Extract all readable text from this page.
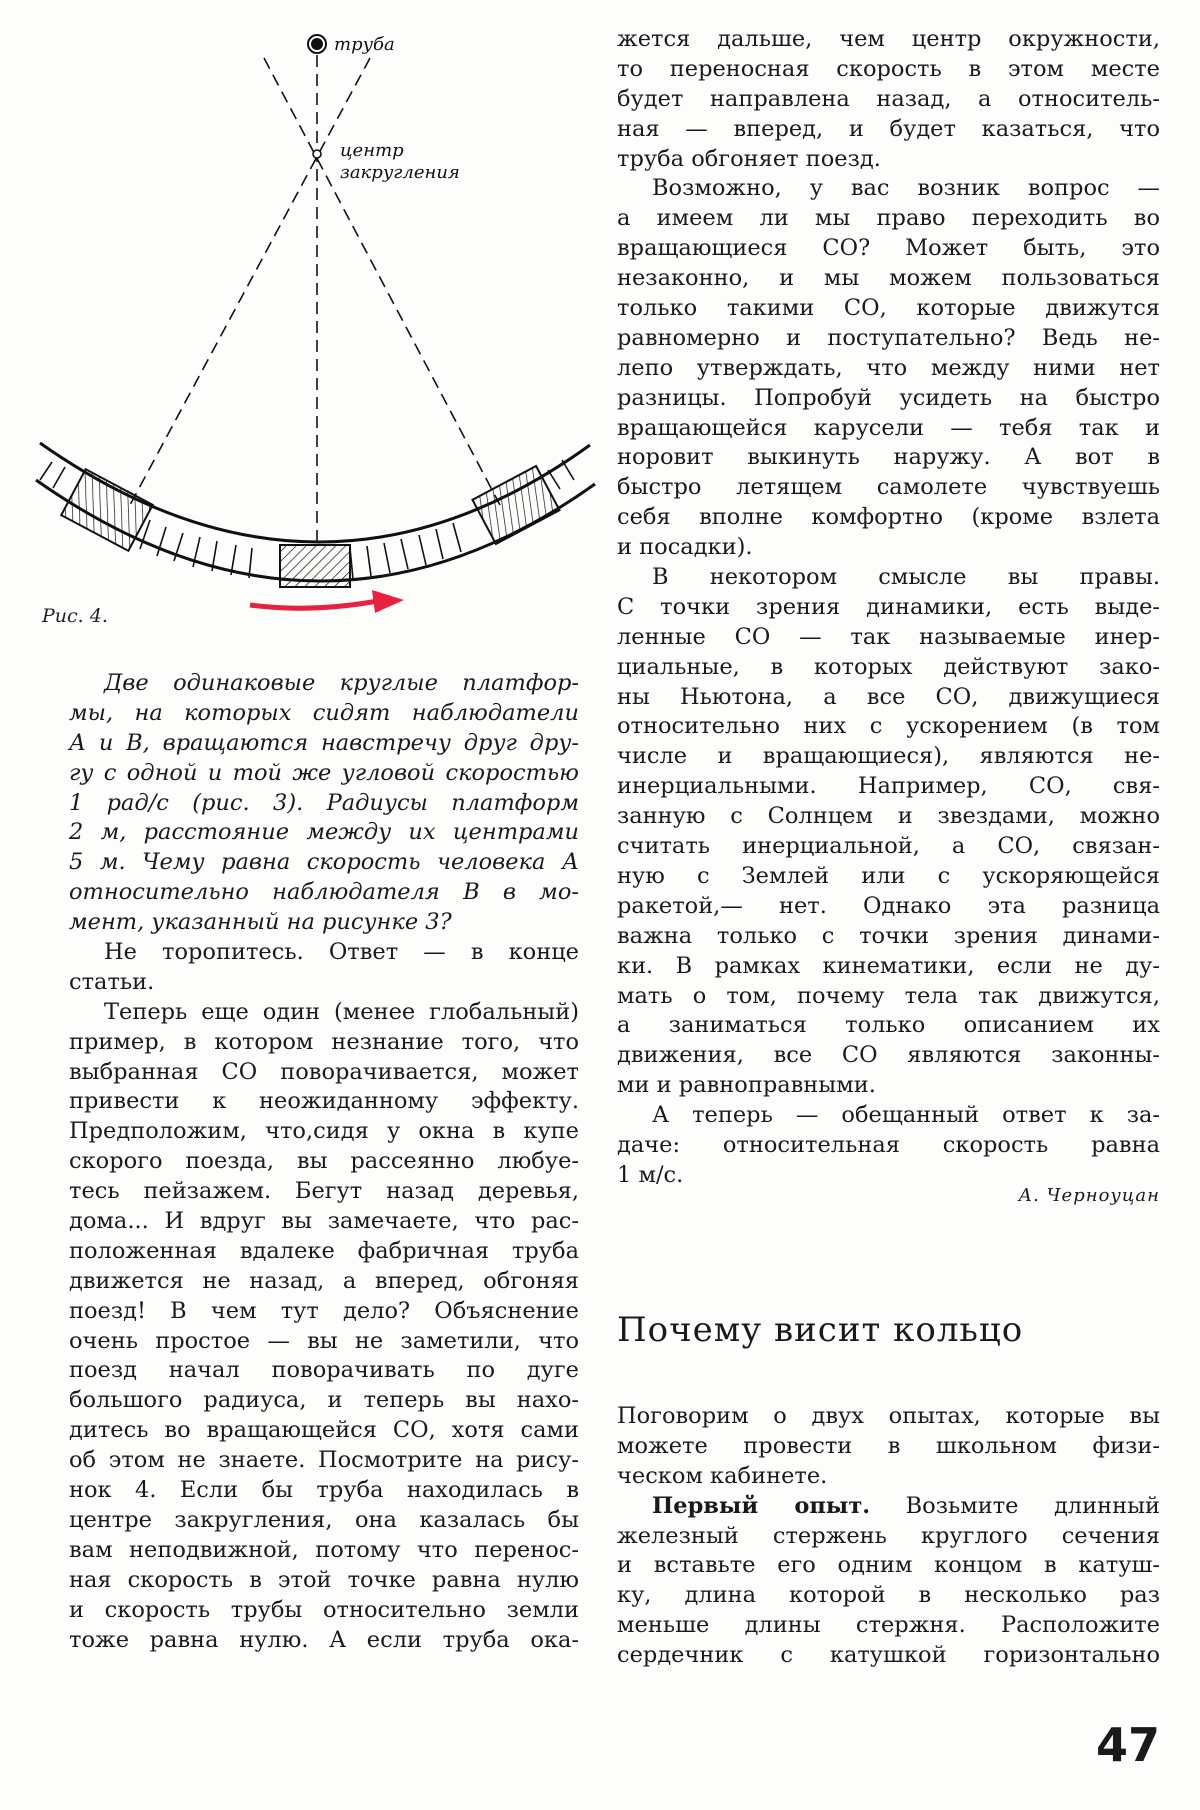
труба
центр
закругления
Рис. 4.
Две одинаковые круглые платфор-
мы, на которых сидят наблюдатели
А и В, вращаются навстречу друг дру-
гу с одной и той же угловой скоростью
1 рад/с (рис. 3). Радиусы платформ
2 м, расстояние между их центрами
5 м. Чему равна скорость человека А
относительно наблюдателя В в мо-
мент, указанный на рисунке 3?
Не торопитесь. Ответ — в конце
статьи.
Теперь еще один (менее глобальный)
пример, в котором незнание того, что
выбранная СО поворачивается, может
привести к неожиданному эффекту.
Предположим, что,сидя у окна в купе
скорого поезда, вы рассеянно любуе-
тесь пейзажем. Бегут назад деревья,
дома... И вдруг вы замечаете, что рас-
положенная вдалеке фабричная труба
движется не назад, а вперед, обгоняя
поезд! В чем тут дело? Объяснение
очень простое — вы не заметили, что
поезд начал поворачивать по дуге
большого радиуса, и теперь вы нахо-
дитесь во вращающейся СО, хотя сами
об этом не знаете. Посмотрите на рису-
нок 4. Если бы труба находилась в
центре закругления, она казалась бы
вам неподвижной, потому что перенос-
ная скорость в этой точке равна нулю
и скорость трубы относительно земли
тоже равна нулю. А если труба ока-
жется дальше, чем центр окружности,
то переносная скорость в этом месте
будет направлена назад, а относитель-
ная — вперед, и будет казаться, что
труба обгоняет поезд.
Возможно, у вас возник вопрос —
а имеем ли мы право переходить во
вращающиеся СО? Может быть, это
незаконно, и мы можем пользоваться
только такими СО, которые движутся
равномерно и поступательно? Ведь не-
лепо утверждать, что между ними нет
разницы. Попробуй усидеть на быстро
вращающейся карусели — тебя так и
норовит выкинуть наружу. А вот в
быстро летящем самолете чувствуешь
себя вполне комфортно (кроме взлета
и посадки).
В некотором смысле вы правы.
С точки зрения динамики, есть выде-
ленные СО — так называемые инер-
циальные, в которых действуют зако-
ны Ньютона, а все СО, движущиеся
относительно них с ускорением (в том
числе и вращающиеся), являются не-
инерциальными. Например, СО, свя-
занную с Солнцем и звездами, можно
считать инерциальной, а СО, связан-
ную с Землей или с ускоряющейся
ракетой,— нет. Однако эта разница
важна только с точки зрения динами-
ки. В рамках кинематики, если не ду-
мать о том, почему тела так движутся,
а заниматься только описанием их
движения, все СО являются законны-
ми и равноправными.
А теперь — обещанный ответ к за-
даче: относительная скорость равна
1 м/с.
А. Черноуцан
Почему висит кольцо
Поговорим о двух опытах, которые вы
можете провести в школьном физи-
ческом кабинете.
Первый опыт. Возьмите длинный
железный стержень круглого сечения
и вставьте его одним концом в катуш-
ку, длина которой в несколько раз
меньше длины стержня. Расположите
сердечник с катушкой горизонтально
47
